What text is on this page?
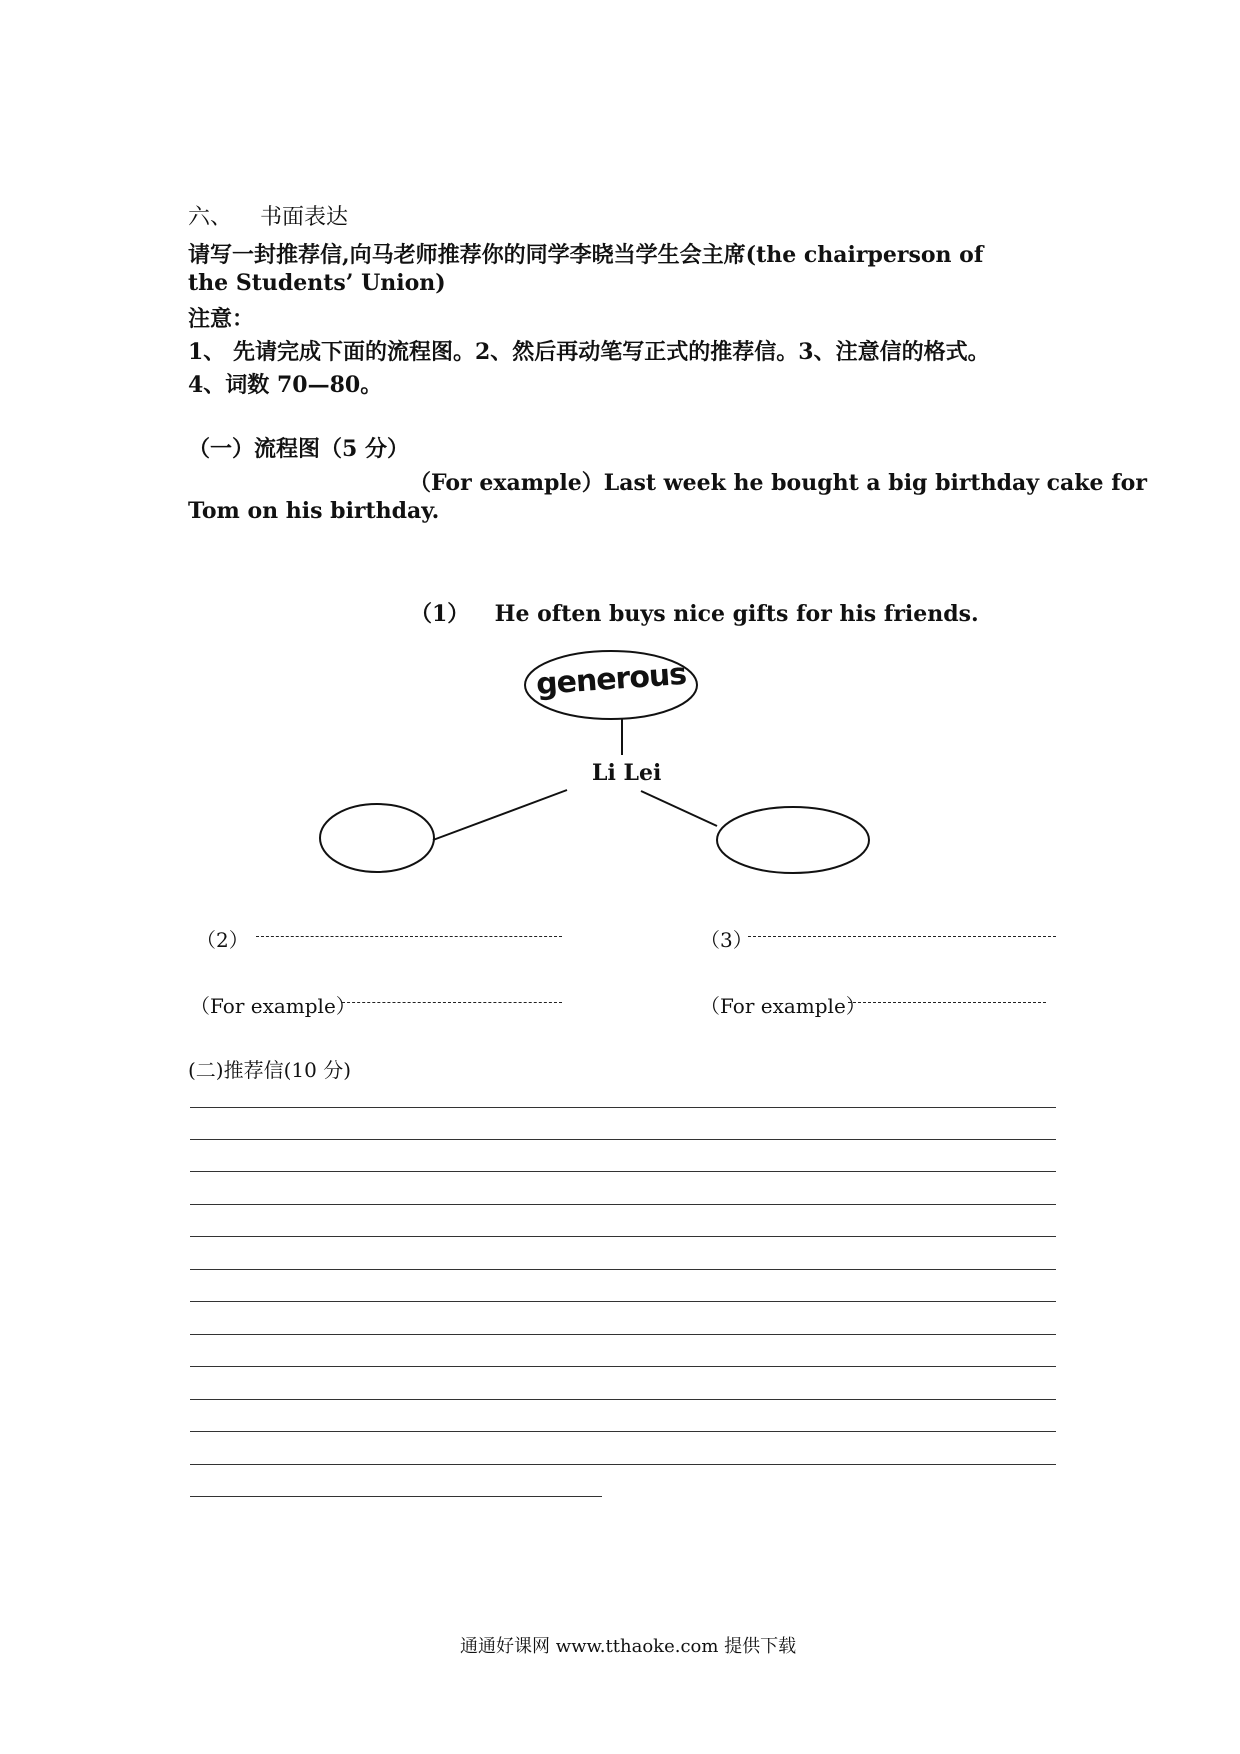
六、 书面表达
请写一封推荐信,向马老师推荐你的同学李晓当学生会主席(the chairperson of
the Students’ Union)
注意：
1、 先请完成下面的流程图。2、然后再动笔写正式的推荐信。3、注意信的格式。
4、词数 70—80。
（一）流程图（5 分）
（For example）Last week he bought a big birthday cake for
Tom on his birthday.
（1） He often buys nice gifts for his friends.
generous
Li Lei
（2）	（3）
（For example）	（For example）
(二)推荐信(10 分)
通通好课网 www.tthaoke.com 提供下载
